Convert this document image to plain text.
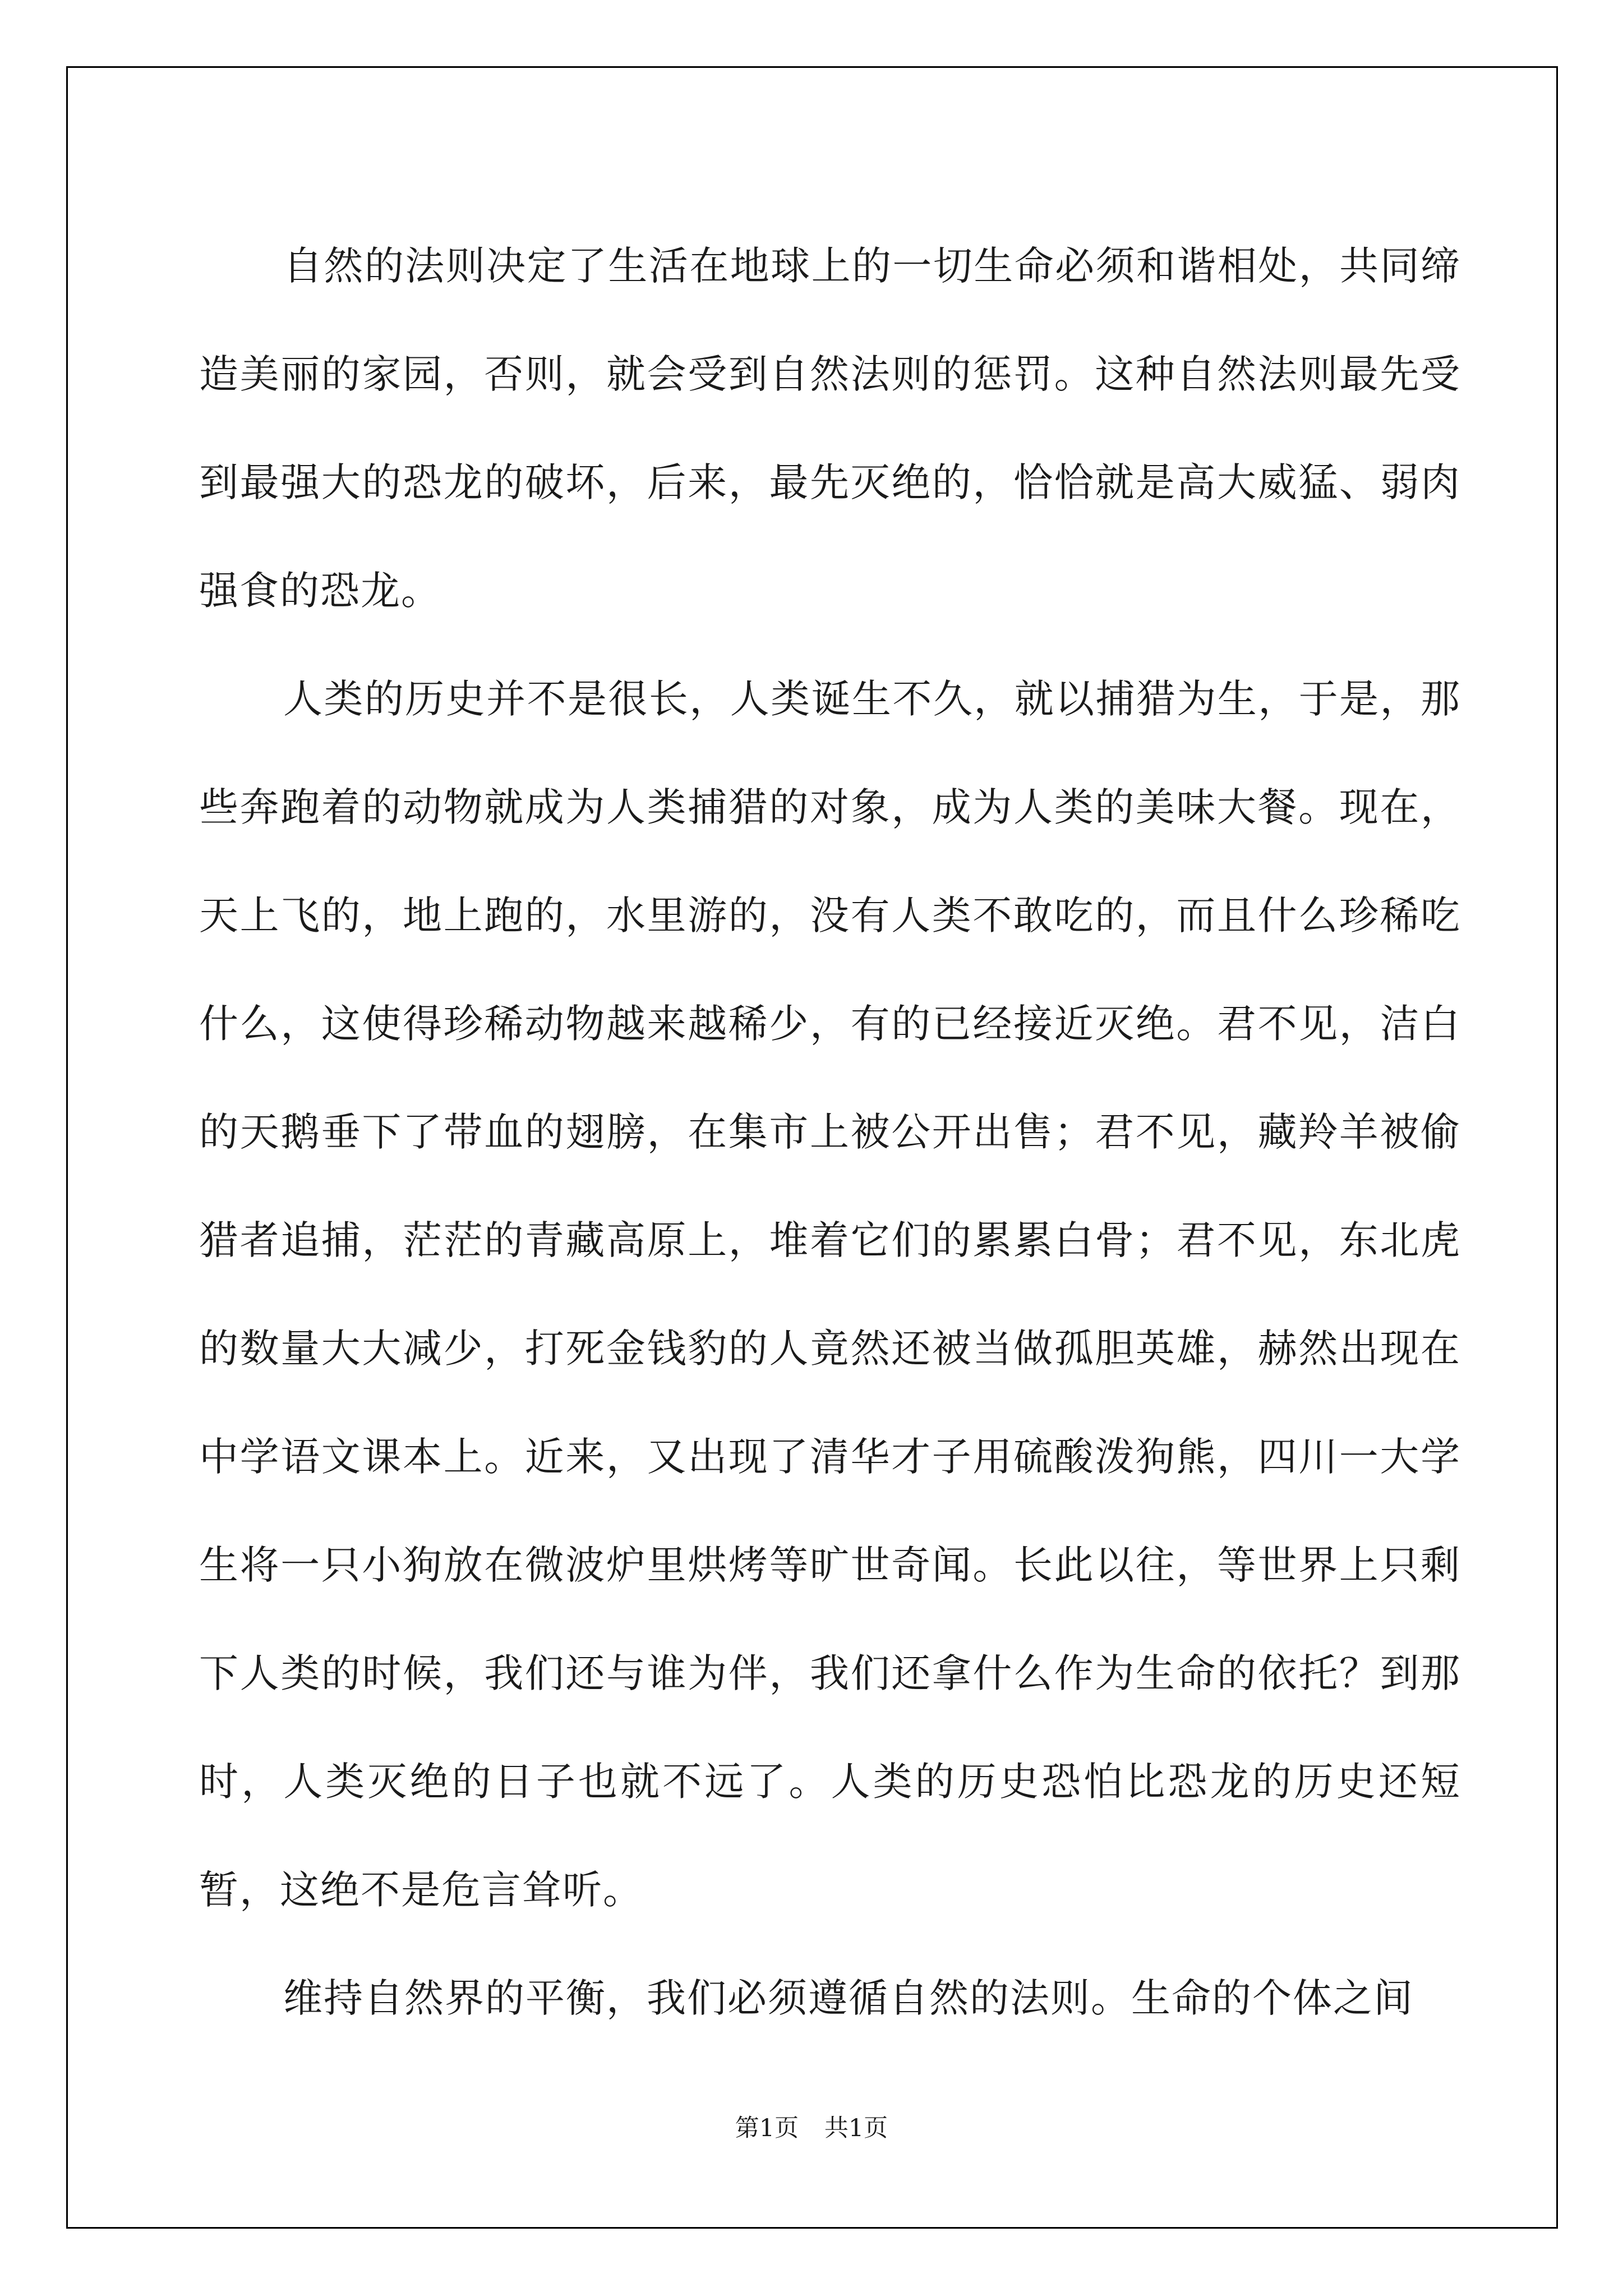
自然的法则决定了生活在地球上的一切生命必须和谐相处，共同缔造美丽的家园，否则，就会受到自然法则的惩罚。这种自然法则最先受到最强大的恐龙的破坏，后来，最先灭绝的，恰恰就是高大威猛、弱肉强食的恐龙。

人类的历史并不是很长，人类诞生不久，就以捕猎为生，于是，那些奔跑着的动物就成为人类捕猎的对象，成为人类的美味大餐。现在，天上飞的，地上跑的，水里游的，没有人类不敢吃的，而且什么珍稀吃什么，这使得珍稀动物越来越稀少，有的已经接近灭绝。君不见，洁白的天鹅垂下了带血的翅膀，在集市上被公开出售；君不见，藏羚羊被偷猎者追捕，茫茫的青藏高原上，堆着它们的累累白骨；君不见，东北虎的数量大大减少，打死金钱豹的人竟然还被当做孤胆英雄，赫然出现在中学语文课本上。近来，又出现了清华才子用硫酸泼狗熊，四川一大学生将一只小狗放在微波炉里烘烤等旷世奇闻。长此以往，等世界上只剩下人类的时候，我们还与谁为伴，我们还拿什么作为生命的依托？到那时，人类灭绝的日子也就不远了。人类的历史恐怕比恐龙的历史还短暂，这绝不是危言耸听。

维持自然界的平衡，我们必须遵循自然的法则。生命的个体之间

第1页 共1页
